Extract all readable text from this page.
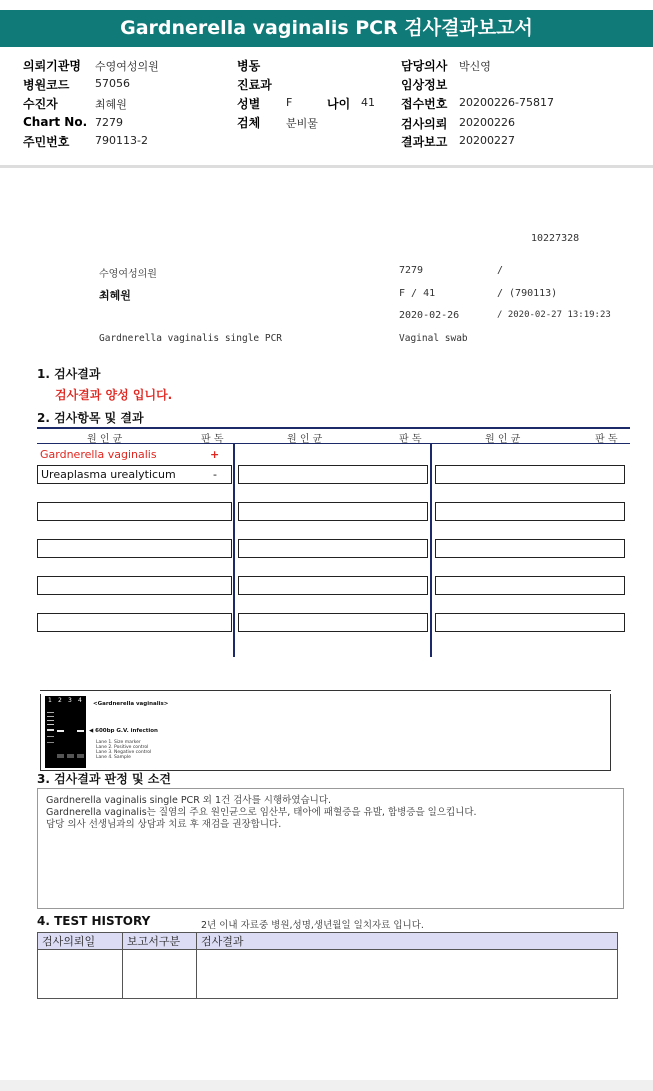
Gardnerella vaginalis PCR 검사결과보고서
의뢰기관명 수영여성의원
병원코드 57056
수진자	최혜원
Chart No. 7279
주민번호 790113-2
병동
진료과
성별 F	나이 41
검체 분비물
담당의사 박신영
임상정보
접수번호 20200226-75817
검사의뢰 20200226
결과보고 20200227
10227328
수영여성의원	7279	/
최혜원	F / 41	/ (790113)
2020-02-26	/ 2020-02-27 13:19:23
Gardnerella vaginalis single PCR	Vaginal swab
1. 검사결과
검사결과 양성 입니다.
2. 검사항목 및 결과
원 인 균	판 독	원 인 균	판 독	원 인 균	판 독
Gardnerella vaginalis	+
Ureaplasma urealyticum	-
1 2 3 4 <Gardnerella vaginalis>
◀ 600bp G.V. infection
Lane 1. Size marker
Lane 2. Positive control
Lane 3. Negative control
Lane 4. Sample
3. 검사결과 판정 및 소견
Gardnerella vaginalis single PCR 외 1건 검사를 시행하였습니다.
Gardnerella vaginalis는 질염의 주요 원인균으로 임산부, 태아에 패혈증을 유발, 합병증을 일으킵니다.
담당 의사 선생님과의 상담과 치료 후 재검을 권장합니다.
4. TEST HISTORY	2년 이내 자료중 병원,성명,생년월일 일치자료 입니다.
검사의뢰일	보고서구분	검사결과
